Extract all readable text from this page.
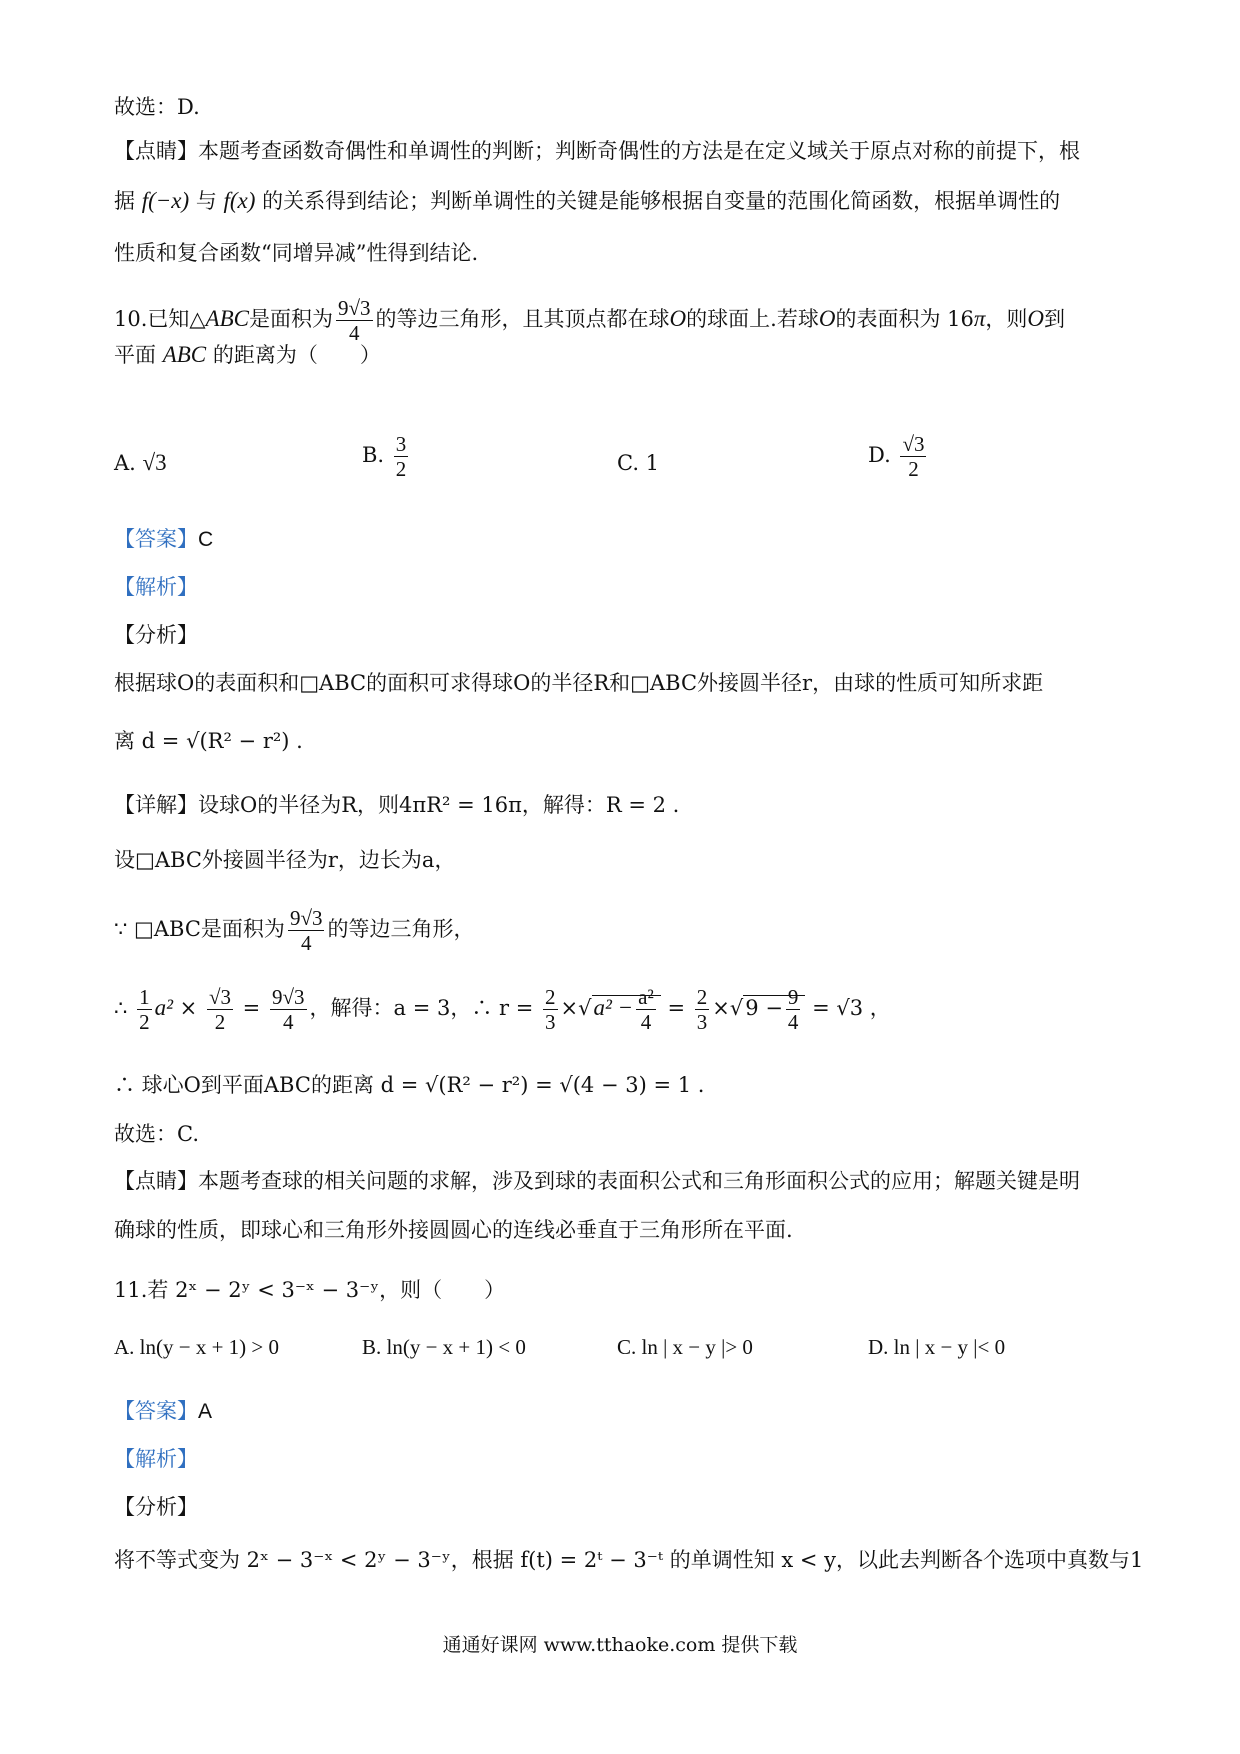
故选：D.
【点睛】本题考查函数奇偶性和单调性的判断；判断奇偶性的方法是在定义域关于原点对称的前提下，根
据 f(−x) 与 f(x) 的关系得到结论；判断单调性的关键是能够根据自变量的范围化简函数，根据单调性的
性质和复合函数“同增异减”性得到结论.
10.已知△ABC是面积为 $\frac{9√3}{4}$ 的等边三角形，且其顶点都在球O的球面上.若球O的表面积为 16π，则O到
平面 ABC 的距离为（　　）
A. √3	B. $\frac{3}{2}$	C. 1	D. $\frac{√3}{2}$
【答案】C
【解析】
【分析】
根据球O的表面积和□ABC的面积可求得球O的半径R和□ABC外接圆半径r，由球的性质可知所求距
离 d = √(R² − r²) .
【详解】设球O的半径为R，则4πR² = 16π，解得：R = 2 .
设□ABC外接圆半径为r，边长为a，
∵ □ABC是面积为 $\frac{9√3}{4}$ 的等边三角形，
∴ $\frac{1}{2} a^2 \times \frac{√3}{2} = \frac{9√3}{4}$ ，解得：a = 3，∴ $r = \frac{2}{3} \times√a^2 - \frac{\text{a²}}{4} = \frac{2}{3} \times√9 - \frac{9}{4} = √3$ ，
∴ 球心O到平面ABC的距离 d = √(R² − r²) = √(4 − 3) = 1 .
故选：C.
【点睛】本题考查球的相关问题的求解，涉及到球的表面积公式和三角形面积公式的应用；解题关键是明
确球的性质，即球心和三角形外接圆圆心的连线必垂直于三角形所在平面.
11.若 2ˣ − 2ʸ < 3⁻ˣ − 3⁻ʸ，则（　　）
A. ln(y − x + 1) > 0	B. ln(y − x + 1) < 0	C. ln | x − y |> 0	D. ln | x − y |< 0
【答案】A
【解析】
【分析】
将不等式变为 2ˣ − 3⁻ˣ < 2ʸ − 3⁻ʸ，根据 f(t) = 2ᵗ − 3⁻ᵗ 的单调性知 x < y，以此去判断各个选项中真数与1
通通好课网 www.tthaoke.com 提供下载
